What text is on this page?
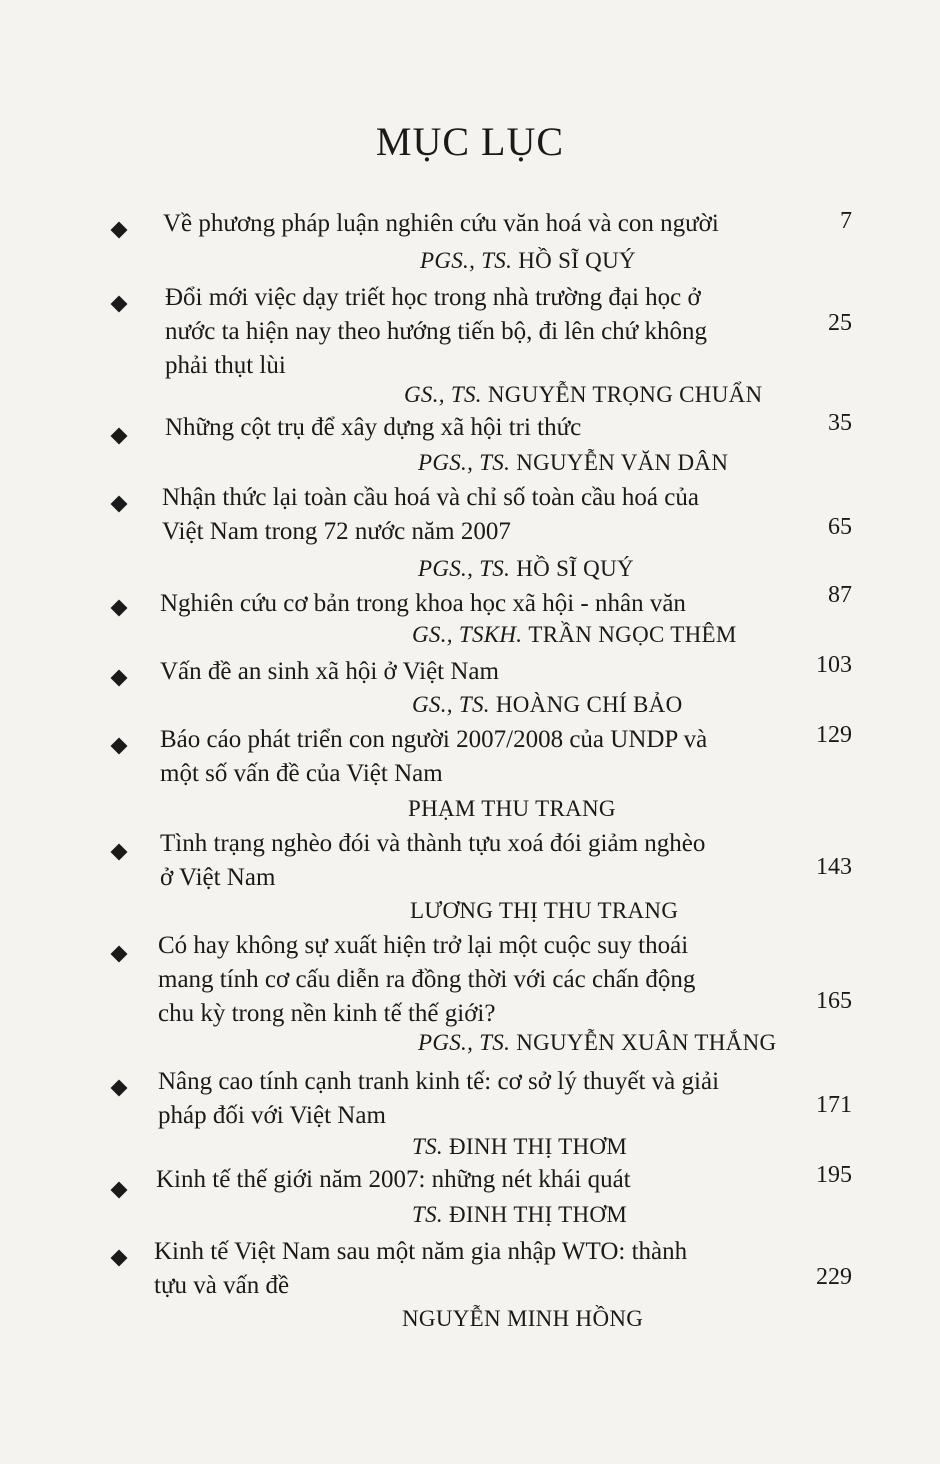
MỤC LỤC
Về phương pháp luận nghiên cứu văn hoá và con người	7
PGS., TS. HỒ SĨ QUÝ
Đổi mới việc dạy triết học trong nhà trường đại học ở
nước ta hiện nay theo hướng tiến bộ, đi lên chứ không
phải thụt lùi
25
GS., TS. NGUYỄN TRỌNG CHUẨN
Những cột trụ để xây dựng xã hội tri thức	35
PGS., TS. NGUYỄN VĂN DÂN
Nhận thức lại toàn cầu hoá và chỉ số toàn cầu hoá của
Việt Nam trong 72 nước năm 2007	65
PGS., TS. HỒ SĨ QUÝ
Nghiên cứu cơ bản trong khoa học xã hội - nhân văn	87
GS., TSKH. TRẦN NGỌC THÊM
Vấn đề an sinh xã hội ở Việt Nam	103
GS., TS. HOÀNG CHÍ BẢO
Báo cáo phát triển con người 2007/2008 của UNDP và
một số vấn đề của Việt Nam
129
PHẠM THU TRANG
Tình trạng nghèo đói và thành tựu xoá đói giảm nghèo
ở Việt Nam	143
LƯƠNG THỊ THU TRANG
Có hay không sự xuất hiện trở lại một cuộc suy thoái
mang tính cơ cấu diễn ra đồng thời với các chấn động
chu kỳ trong nền kinh tế thế giới?	165
PGS., TS. NGUYỄN XUÂN THẮNG
Nâng cao tính cạnh tranh kinh tế: cơ sở lý thuyết và giải
pháp đối với Việt Nam	171
TS. ĐINH THỊ THƠM
Kinh tế thế giới năm 2007: những nét khái quát	195
TS. ĐINH THỊ THƠM
Kinh tế Việt Nam sau một năm gia nhập WTO: thành
tựu và vấn đề	229
NGUYỄN MINH HỒNG
